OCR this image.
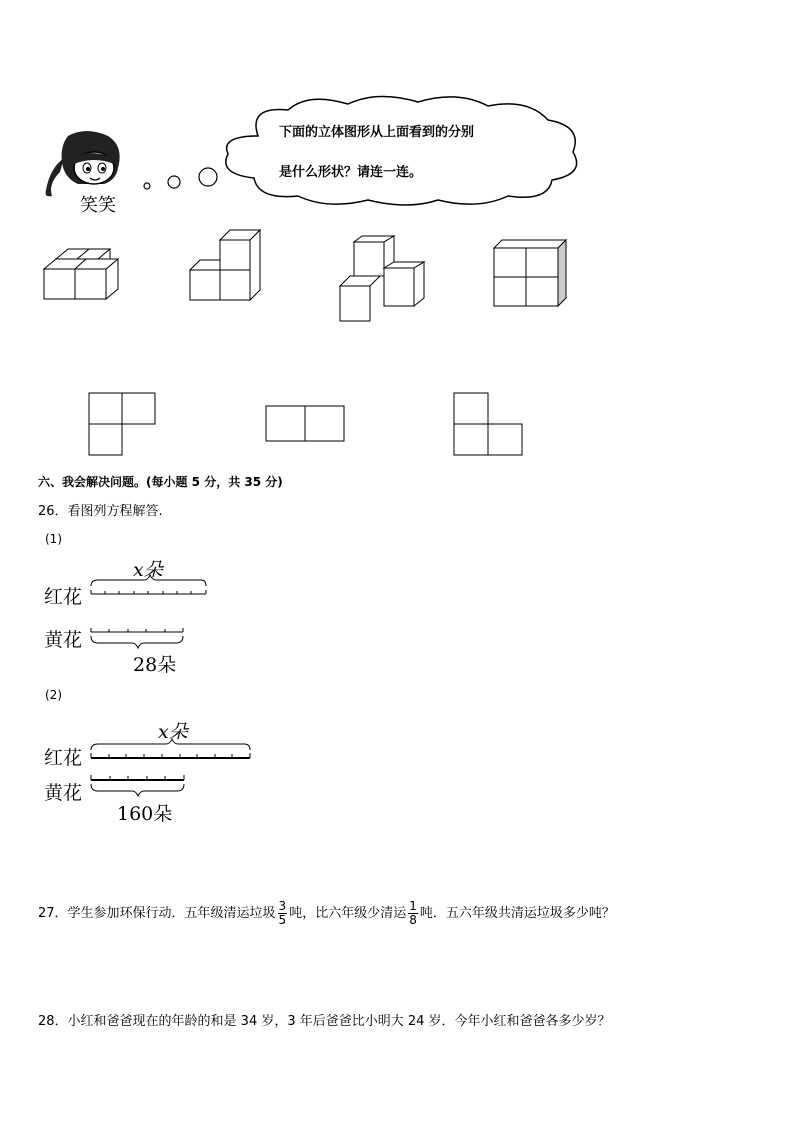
笑笑
下面的立体图形从上面看到的分别
是什么形状？请连一连。
六、我会解决问题。(每小题 5 分，共 35 分)
26．看图列方程解答.
(1)
红花
黄花
x朵
28朵
(2)
红花
黄花
x朵
160朵
27．学生参加环保行动．五年级清运垃圾 $\frac{3}{5}$ 吨，比六年级少清运 $\frac{1}{8}$ 吨．五六年级共清运垃圾多少吨？
28．小红和爸爸现在的年龄的和是 34 岁，3 年后爸爸比小明大 24 岁．今年小红和爸爸各多少岁？
